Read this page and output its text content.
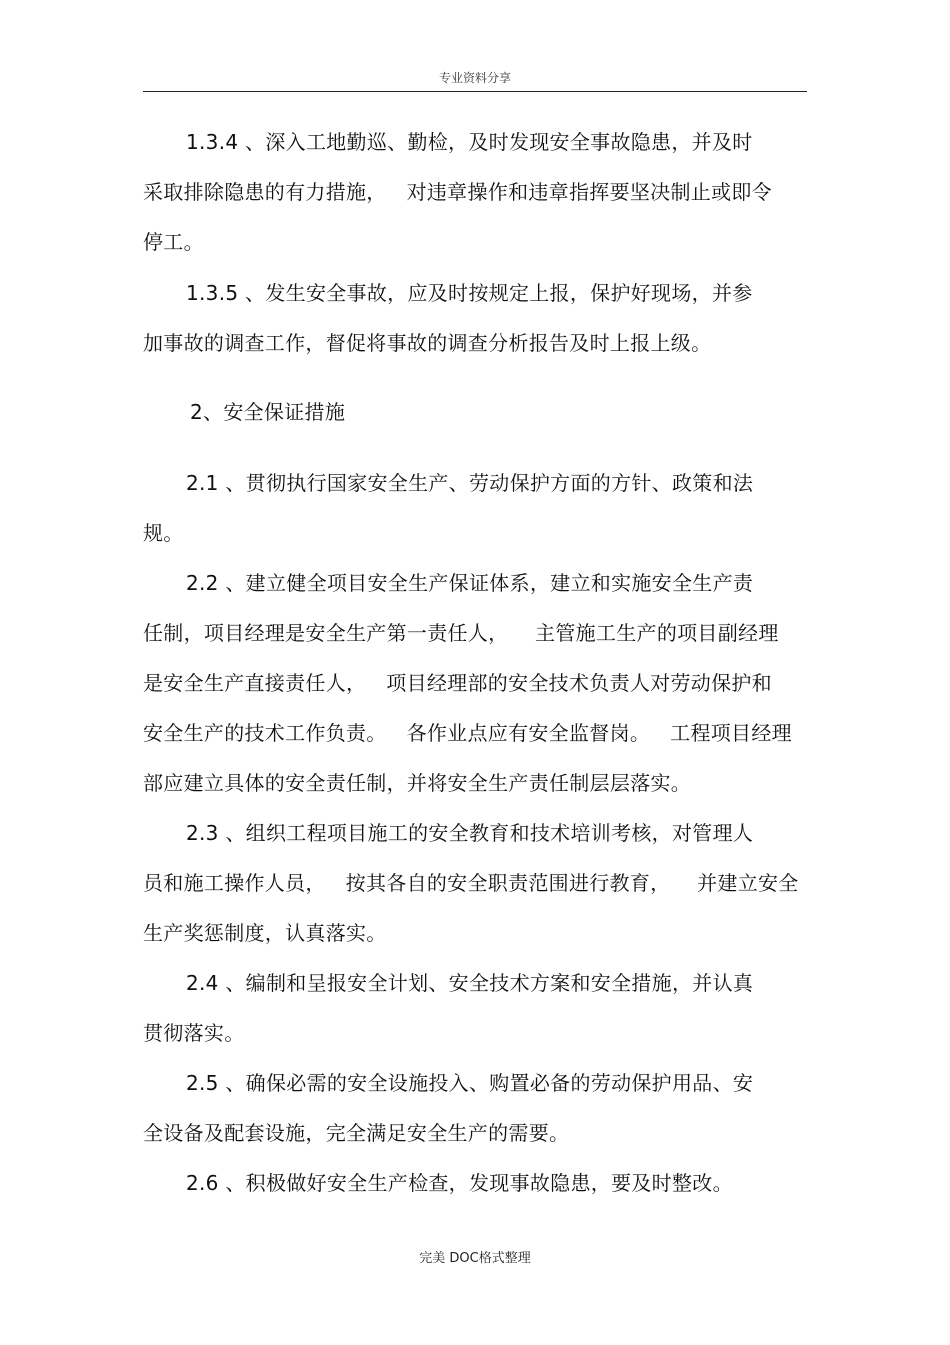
专业资料分享
1.3.4 、深入工地勤巡、勤检，及时发现安全事故隐患，并及时
采取排除隐患的有力措施，   对违章操作和违章指挥要坚决制止或即令
停工。
1.3.5 、发生安全事故，应及时按规定上报，保护好现场，并参
加事故的调查工作，督促将事故的调查分析报告及时上报上级。
2、安全保证措施
2.1 、贯彻执行国家安全生产、劳动保护方面的方针、政策和法
规。
2.2 、建立健全项目安全生产保证体系，建立和实施安全生产责
任制，项目经理是安全生产第一责任人，    主管施工生产的项目副经理
是安全生产直接责任人，   项目经理部的安全技术负责人对劳动保护和
安全生产的技术工作负责。   各作业点应有安全监督岗。   工程项目经理
部应建立具体的安全责任制，并将安全生产责任制层层落实。
2.3 、组织工程项目施工的安全教育和技术培训考核，对管理人
员和施工操作人员，   按其各自的安全职责范围进行教育，    并建立安全
生产奖惩制度，认真落实。
2.4 、编制和呈报安全计划、安全技术方案和安全措施，并认真
贯彻落实。
2.5 、确保必需的安全设施投入、购置必备的劳动保护用品、安
全设备及配套设施，完全满足安全生产的需要。
2.6 、积极做好安全生产检查，发现事故隐患，要及时整改。
完美 DOC格式整理
